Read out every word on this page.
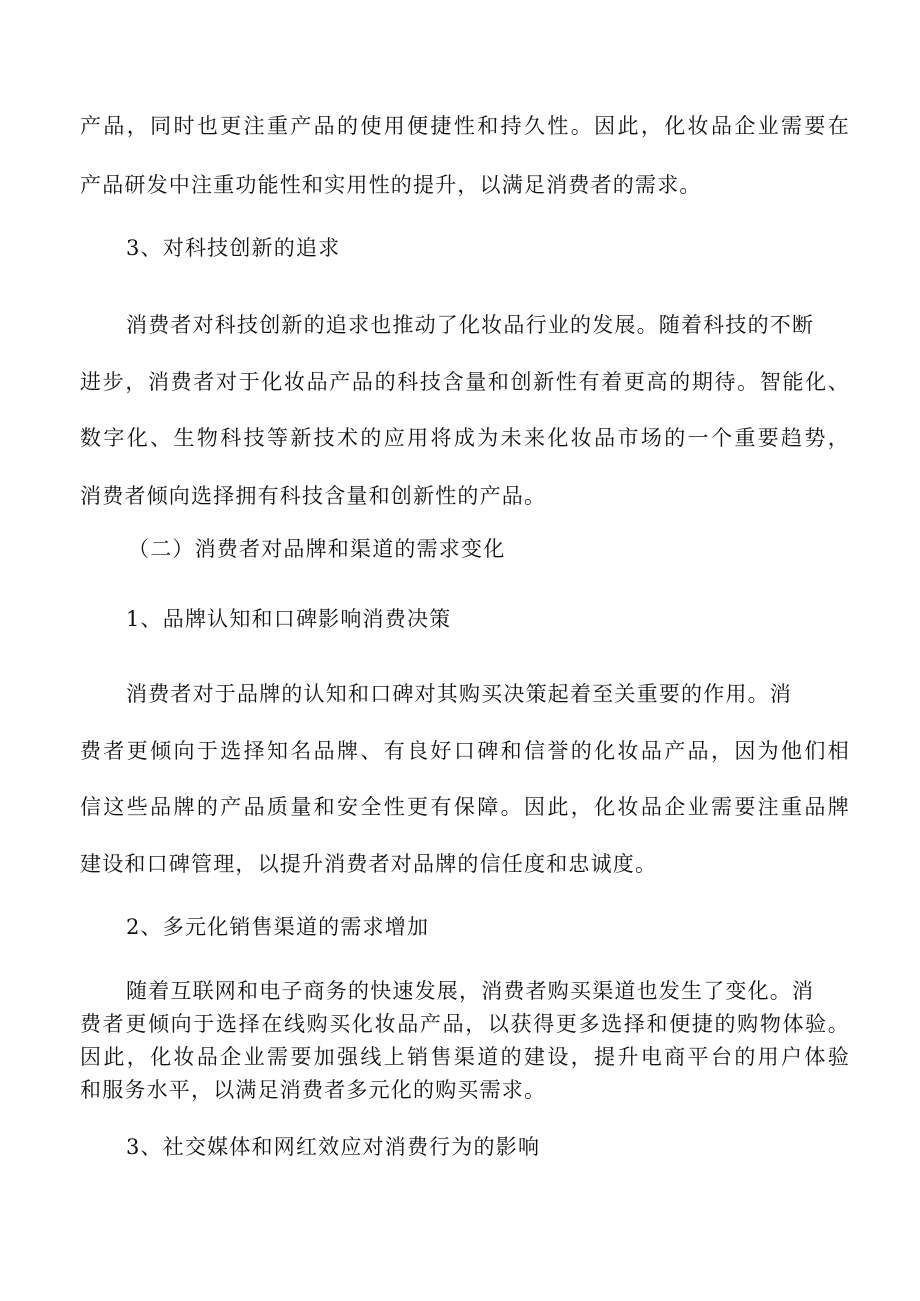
产品，同时也更注重产品的使用便捷性和持久性。因此，化妆品企业需要在
产品研发中注重功能性和实用性的提升，以满足消费者的需求。
3、对科技创新的追求
消费者对科技创新的追求也推动了化妆品行业的发展。随着科技的不断
进步，消费者对于化妆品产品的科技含量和创新性有着更高的期待。智能化、
数字化、生物科技等新技术的应用将成为未来化妆品市场的一个重要趋势，
消费者倾向选择拥有科技含量和创新性的产品。
（二）消费者对品牌和渠道的需求变化
1、品牌认知和口碑影响消费决策
消费者对于品牌的认知和口碑对其购买决策起着至关重要的作用。消
费者更倾向于选择知名品牌、有良好口碑和信誉的化妆品产品，因为他们相
信这些品牌的产品质量和安全性更有保障。因此，化妆品企业需要注重品牌
建设和口碑管理，以提升消费者对品牌的信任度和忠诚度。
2、多元化销售渠道的需求增加
随着互联网和电子商务的快速发展，消费者购买渠道也发生了变化。消
费者更倾向于选择在线购买化妆品产品，以获得更多选择和便捷的购物体验。
因此，化妆品企业需要加强线上销售渠道的建设，提升电商平台的用户体验
和服务水平，以满足消费者多元化的购买需求。
3、社交媒体和网红效应对消费行为的影响
